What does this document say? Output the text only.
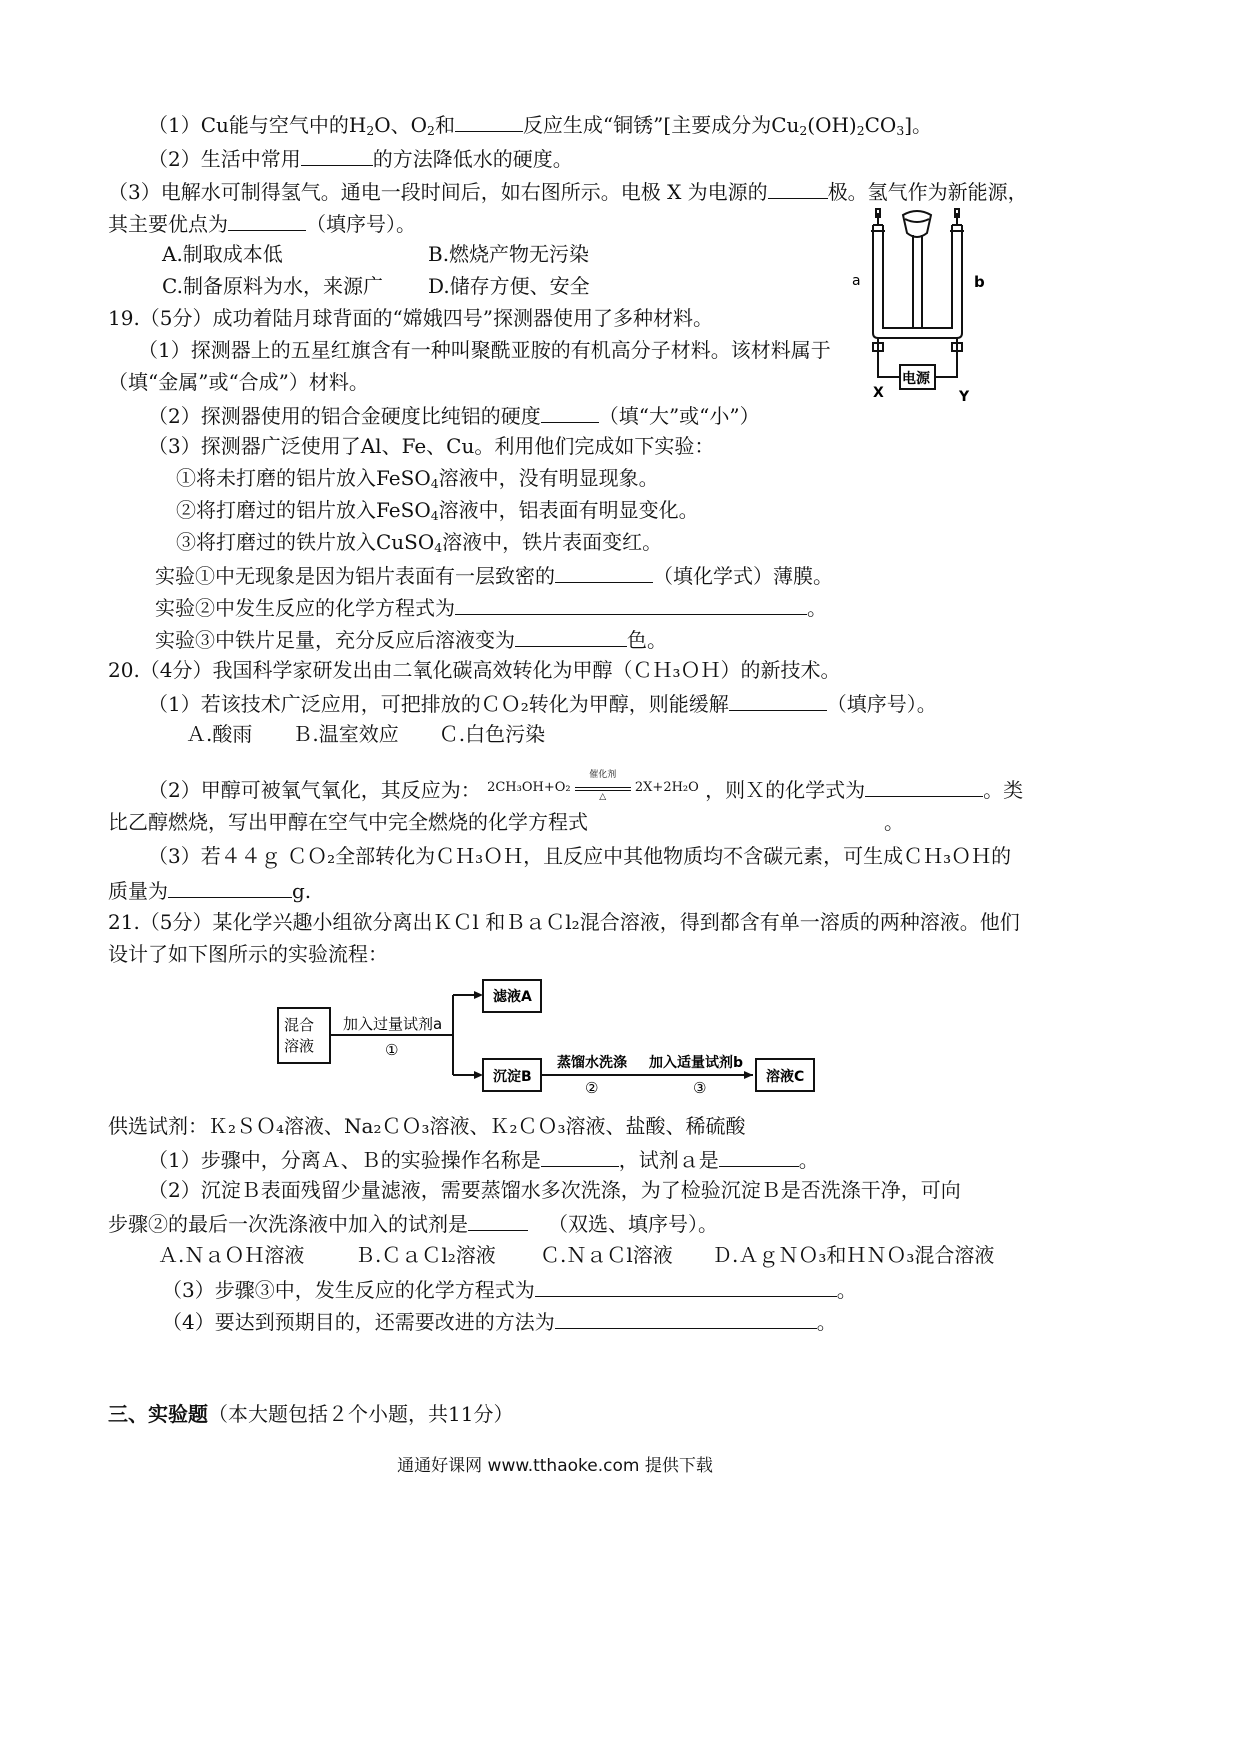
（1）Cu能与空气中的$H_2O$、$O_2$和	反应生成“铜锈”[主要成分为$Cu_2(OH)_2CO_3$]。
（2）生活中常用	的方法降低水的硬度。
（3）电解水可制得氢气。通电一段时间后，如右图所示。电极 X 为电源的	极。氢气作为新能源，
其主要优点为	（填序号）。
A.制取成本低	B.燃烧产物无污染
C.制备原料为水，来源广 D.储存方便、安全	a	b
X	Y
电源
19.（5分）成功着陆月球背面的“嫦娥四号”探测器使用了多种材料。
（1）探测器上的五星红旗含有一种叫聚酰亚胺的有机高分子材料。该材料属于
（填“金属”或“合成”）材料。
（2）探测器使用的铝合金硬度比纯铝的硬度	（填“大”或“小”）
（3）探测器广泛使用了Al、Fe、Cu。利用他们完成如下实验：
①将未打磨的铝片放入FeSO$_4$溶液中，没有明显现象。
②将打磨过的铝片放入FeSO$_4$溶液中，铝表面有明显变化。
③将打磨过的铁片放入CuSO$_4$溶液中，铁片表面变红。
实验①中无现象是因为铝片表面有一层致密的	（填化学式）薄膜。
实验②中发生反应的化学方程式为	。
实验③中铁片足量，充分反应后溶液变为	色。
20.（4分）我国科学家研发出由二氧化碳高效转化为甲醇（ＣＨ₃ＯＨ）的新技术。
（1）若该技术广泛应用，可把排放的ＣＯ₂转化为甲醇，则能缓解	（填序号）。
Ａ.酸雨　　Ｂ.温室效应　　Ｃ.白色污染
（2）甲醇可被氧气氧化，其反应为： 2CH₃OH+O₂
催化剂
△
2X+2H₂O ，则Ｘ的化学式为	。类
比乙醇燃烧，写出甲醇在空气中完全燃烧的化学方程式	。
（3）若４４ｇ ＣＯ₂全部转化为ＣＨ₃ＯＨ，且反应中其他物质均不含碳元素，可生成ＣＨ₃ＯＨ的
质量为	g.
21.（5分）某化学兴趣小组欲分离出ＫＣl 和ＢａＣl₂混合溶液，得到都含有单一溶质的两种溶液。他们
设计了如下图所示的实验流程：
混合
溶液
加入过量试剂a
①
滤液A
沉淀B
蒸馏水洗涤
②
加入适量试剂b
③
溶液C
供选试剂：Ｋ₂ＳＯ₄溶液、Na₂ＣＯ₃溶液、Ｋ₂ＣＯ₃溶液、盐酸、稀硫酸
（1）步骤中，分离Ａ、Ｂ的实验操作名称是	，试剂ａ是	。
（2）沉淀Ｂ表面残留少量滤液，需要蒸馏水多次洗涤，为了检验沉淀Ｂ是否洗涤干净，可向
步骤②的最后一次洗涤液中加入的试剂是	（双选、填序号）。
Ａ.ＮａＯＨ溶液	Ｂ.ＣａＣl₂溶液 Ｃ.ＮａＣl溶液 Ｄ.ＡｇＮＯ₃和ＨＮＯ₃混合溶液
（3）步骤③中，发生反应的化学方程式为	。
（4）要达到预期目的，还需要改进的方法为	。
三、实验题（本大题包括２个小题，共11分）
通通好课网 www.tthaoke.com 提供下载
